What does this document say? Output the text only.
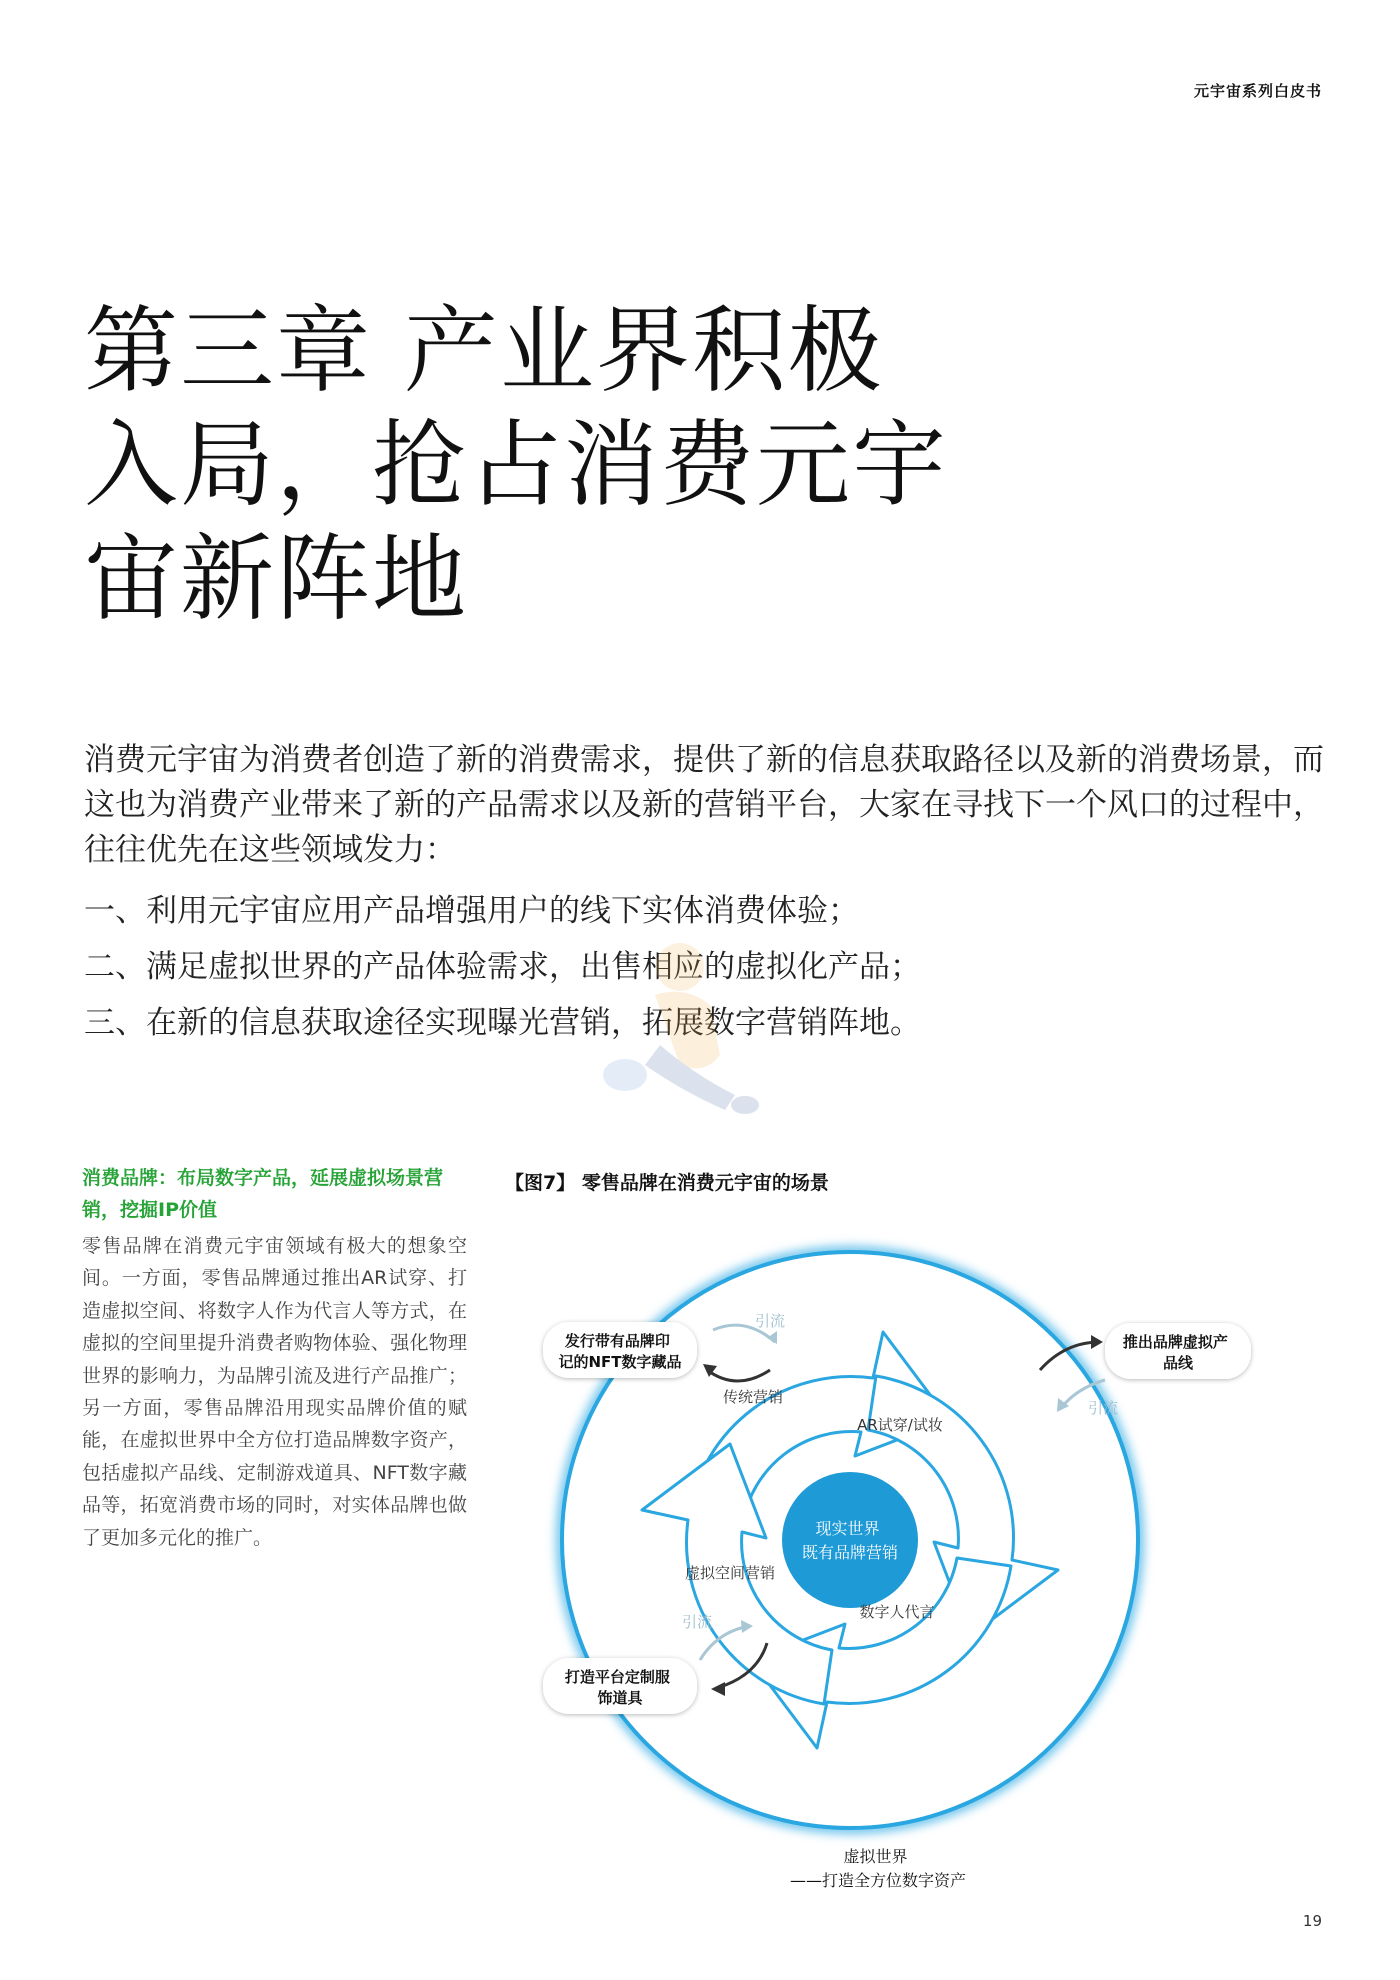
元宇宙系列白皮书
第三章 产业界积极
入局，抢占消费元宇
宙新阵地

消费元宇宙为消费者创造了新的消费需求，提供了新的信息获取路径以及新的消费场景，而这也为消费产业带来了新的产品需求以及新的营销平台，大家在寻找下一个风口的过程中，往往优先在这些领域发力：

一、利用元宇宙应用产品增强用户的线下实体消费体验；
二、满足虚拟世界的产品体验需求，出售相应的虚拟化产品；
三、在新的信息获取途径实现曝光营销，拓展数字营销阵地。

消费品牌：布局数字产品，延展虚拟场景营销，挖掘IP价值

零售品牌在消费元宇宙领域有极大的想象空间。一方面，零售品牌通过推出AR试穿、打造虚拟空间、将数字人作为代言人等方式，在虚拟的空间里提升消费者购物体验、强化物理世界的影响力，为品牌引流及进行产品推广；另一方面，零售品牌沿用现实品牌价值的赋能，在虚拟世界中全方位打造品牌数字资产，包括虚拟产品线、定制游戏道具、NFT数字藏品等，拓宽消费市场的同时，对实体品牌也做了更加多元化的推广。

【图7】 零售品牌在消费元宇宙的场景
现实世界 既有品牌营销
传统营销
AR试穿/试妆
数字人代言
虚拟空间营销
发行带有品牌印 记的NFT数字藏品
推出品牌虚拟产 品线
打造平台定制服 饰道具
引流
引流
引流
虚拟世界 ——打造全方位数字资产
19
